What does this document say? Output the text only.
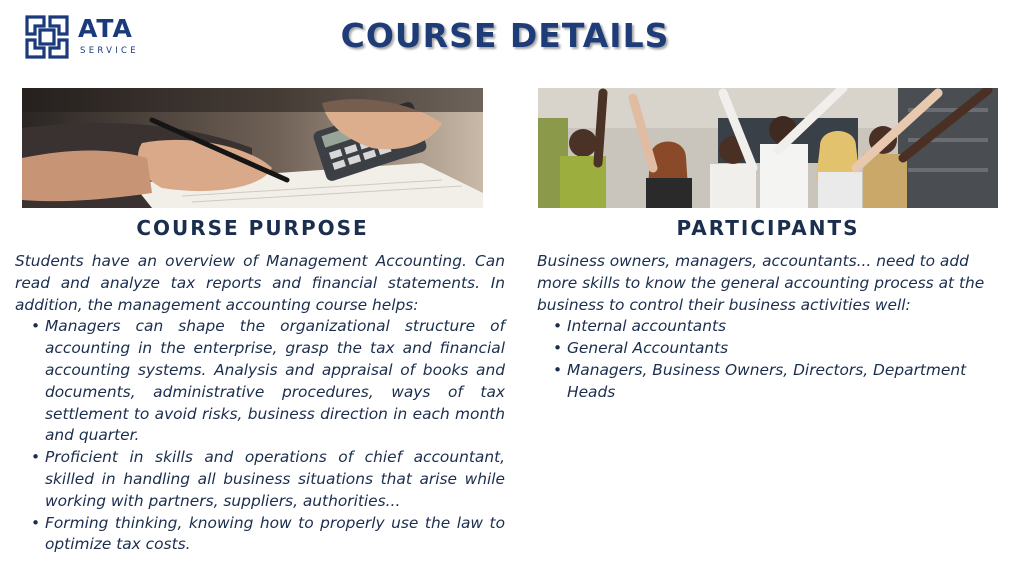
ATA
SERVICE	COURSE DETAILS
COURSE PURPOSE	PARTICIPANTS

Students have an overview of Management Accounting. Can read and analyze tax reports and financial statements. In addition, the management accounting course helps:

• Managers can shape the organizational structure of accounting in the enterprise, grasp the tax and financial accounting systems. Analysis and appraisal of books and documents, administrative procedures, ways of tax settlement to avoid risks, business direction in each month and quarter.
• Proficient in skills and operations of chief accountant, skilled in handling all business situations that arise while working with partners, suppliers, authorities...
• Forming thinking, knowing how to properly use the law to optimize tax costs.

Business owners, managers, accountants... need to add more skills to know the general accounting process at the business to control their business activities well:

• Internal accountants
• General Accountants
• Managers, Business Owners, Directors, Department Heads
